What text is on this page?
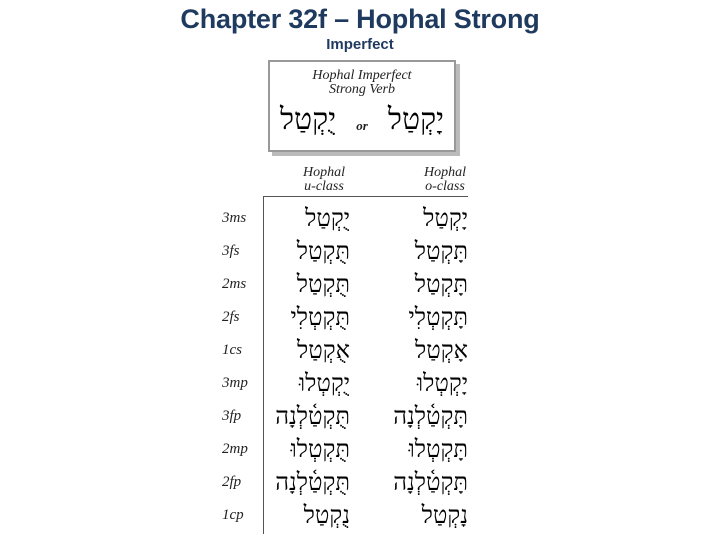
Chapter 32f – Hophal Strong
Imperfect
Hophal Imperfect
Strong Verb
יֻקְטַל	or יָקְטַל
Hophal
u-class
Hophal
o-class
3ms	יֻקְטַל	יָקְטַל
3fs	תֻּקְטַל	תָּקְטַל
2ms	תֻּקְטַל	תָּקְטַל
2fs	תֻּקְטְלִי	תָּקְטְלִי
1cs	אֻקְטַל	אָקְטַל
3mp	יֻקְטְלוּ	יָקְטְלוּ
3fp תֻּקְטַ֫לְנָה תָּקְטַ֫לְנָה
2mp	תֻּקְטְלוּ	תָּקְטְלוּ
2fp תֻּקְטַ֫לְנָה תָּקְטַ֫לְנָה
1cp	נֻקְטַל	נָקְטַל
